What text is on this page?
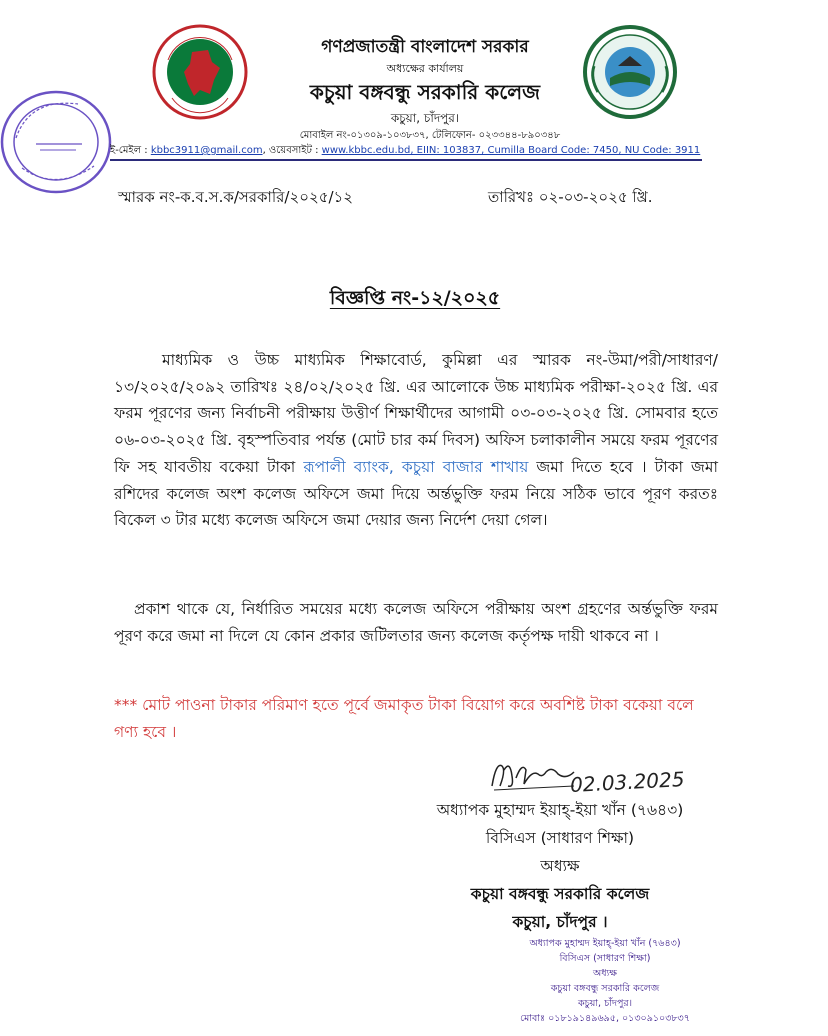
গণপ্রজাতন্ত্রী বাংলাদেশ সরকার
অধ্যক্ষের কার্যালয়
কচুয়া বঙ্গবন্ধু সরকারি কলেজ
কচুয়া, চাঁদপুর।
মোবাইল নং-০১৩০৯-১০৩৮৩৭, টেলিফোন- ০২৩৩৪৪-৮৯০৩৪৮
ই-মেইল : kbbc3911@gmail.com, ওয়েবসাইট : www.kbbc.edu.bd, EIIN: 103837, Cumilla Board Code: 7450, NU Code: 3911
স্মারক নং-ক.ব.স.ক/সরকারি/২০২৫/১২	তারিখঃ ০২-০৩-২০২৫ খ্রি.
বিজ্ঞপ্তি নং-১২/২০২৫
মাধ্যমিক ও উচ্চ মাধ্যমিক শিক্ষাবোর্ড, কুমিল্লা এর স্মারক নং-উমা/পরী/সাধারণ/১৩/২০২৫/২০৯২ তারিখঃ ২৪/০২/২০২৫ খ্রি. এর আলোকে উচ্চ মাধ্যমিক পরীক্ষা-২০২৫ খ্রি. এর ফরম পূরণের জন্য নির্বাচনী পরীক্ষায় উত্তীর্ণ শিক্ষার্থীদের আগামী ০৩-০৩-২০২৫ খ্রি. সোমবার হতে ০৬-০৩-২০২৫ খ্রি. বৃহস্পতিবার পর্যন্ত (মোট চার কর্ম দিবস) অফিস চলাকালীন সময়ে ফরম পূরণের ফি সহ যাবতীয় বকেয়া টাকা রূপালী ব্যাংক, কচুয়া বাজার শাখায় জমা দিতে হবে । টাকা জমা রশিদের কলেজ অংশ কলেজ অফিসে জমা দিয়ে অর্ন্তভুক্তি ফরম নিয়ে সঠিক ভাবে পূরণ করতঃ বিকেল ৩ টার মধ্যে কলেজ অফিসে জমা দেয়ার জন্য নির্দেশ দেয়া গেল।
প্রকাশ থাকে যে, নির্ধারিত সময়ের মধ্যে কলেজ অফিসে পরীক্ষায় অংশ গ্রহণের অর্ন্তভুক্তি ফরম পূরণ করে জমা না দিলে যে কোন প্রকার জটিলতার জন্য কলেজ কর্তৃপক্ষ দায়ী থাকবে না ।
*** মোট পাওনা টাকার পরিমাণ হতে পূর্বে জমাকৃত টাকা বিয়োগ করে অবশিষ্ট টাকা বকেয়া বলে গণ্য হবে ।
02.03.2025
অধ্যাপক মুহাম্মদ ইয়াহ্-ইয়া খাঁন (৭৬৪৩)
বিসিএস (সাধারণ শিক্ষা)
অধ্যক্ষ
কচুয়া বঙ্গবন্ধু সরকারি কলেজ
কচুয়া, চাঁদপুর ।
অধ্যাপক মুহাম্মদ ইয়াহ্-ইয়া খাঁন (৭৬৪৩)
বিসিএস (সাধারণ শিক্ষা)
অধ্যক্ষ
কচুয়া বঙ্গবন্ধু সরকারি কলেজ
কচুয়া, চাঁদপুর।
মোবাঃ ০১৮১৯১৪৯৬৯৫, ০১৩০৯১০৩৮৩৭
